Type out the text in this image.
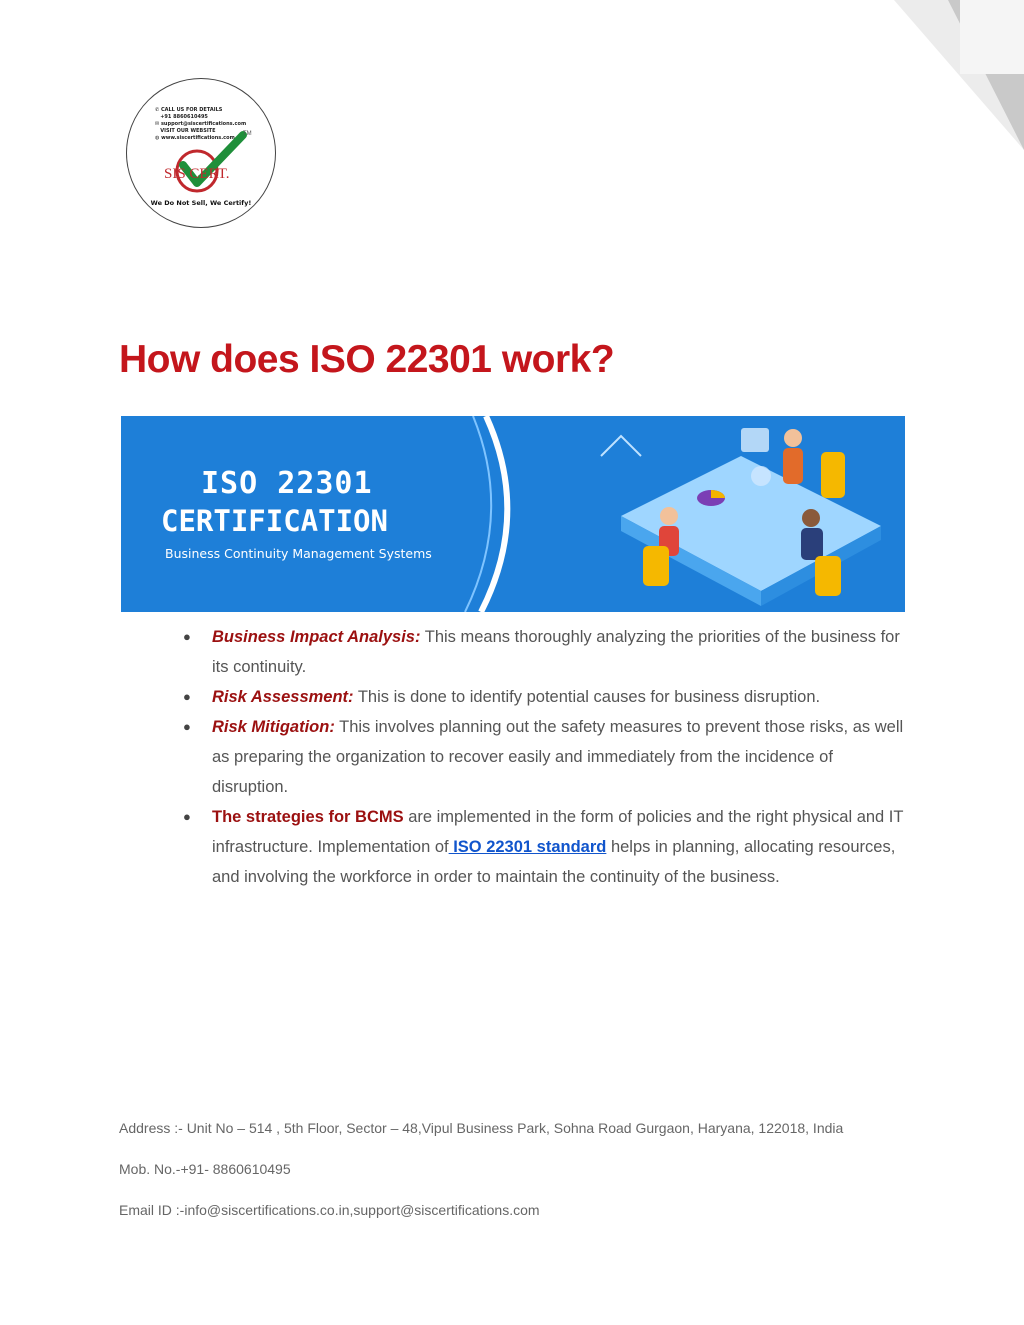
✆ CALL US FOR DETAILS
+91 8860610495
✉ support@siscertifications.com
VISIT OUR WEBSITE
◍ www.siscertifications.com
SIS CERT.
TM
We Do Not Sell, We Certify!
How does ISO 22301 work?
ISO 22301
CERTIFICATION
Business Continuity Management Systems
● Business Impact Analysis: This means thoroughly analyzing the priorities of the business for its continuity.
● Risk Assessment: This is done to identify potential causes for business disruption.
● Risk Mitigation: This involves planning out the safety measures to prevent those risks, as well as preparing the organization to recover easily and immediately from the incidence of disruption.
● The strategies for BCMS are implemented in the form of policies and the right physical and IT infrastructure. Implementation of ISO 22301 standard helps in planning, allocating resources, and involving the workforce in order to maintain the continuity of the business.
Address :- Unit No – 514 , 5th Floor, Sector – 48,Vipul Business Park, Sohna Road Gurgaon, Haryana, 122018, India
Mob. No.-+91- 8860610495
Email ID :-info@siscertifications.co.in,support@siscertifications.com
